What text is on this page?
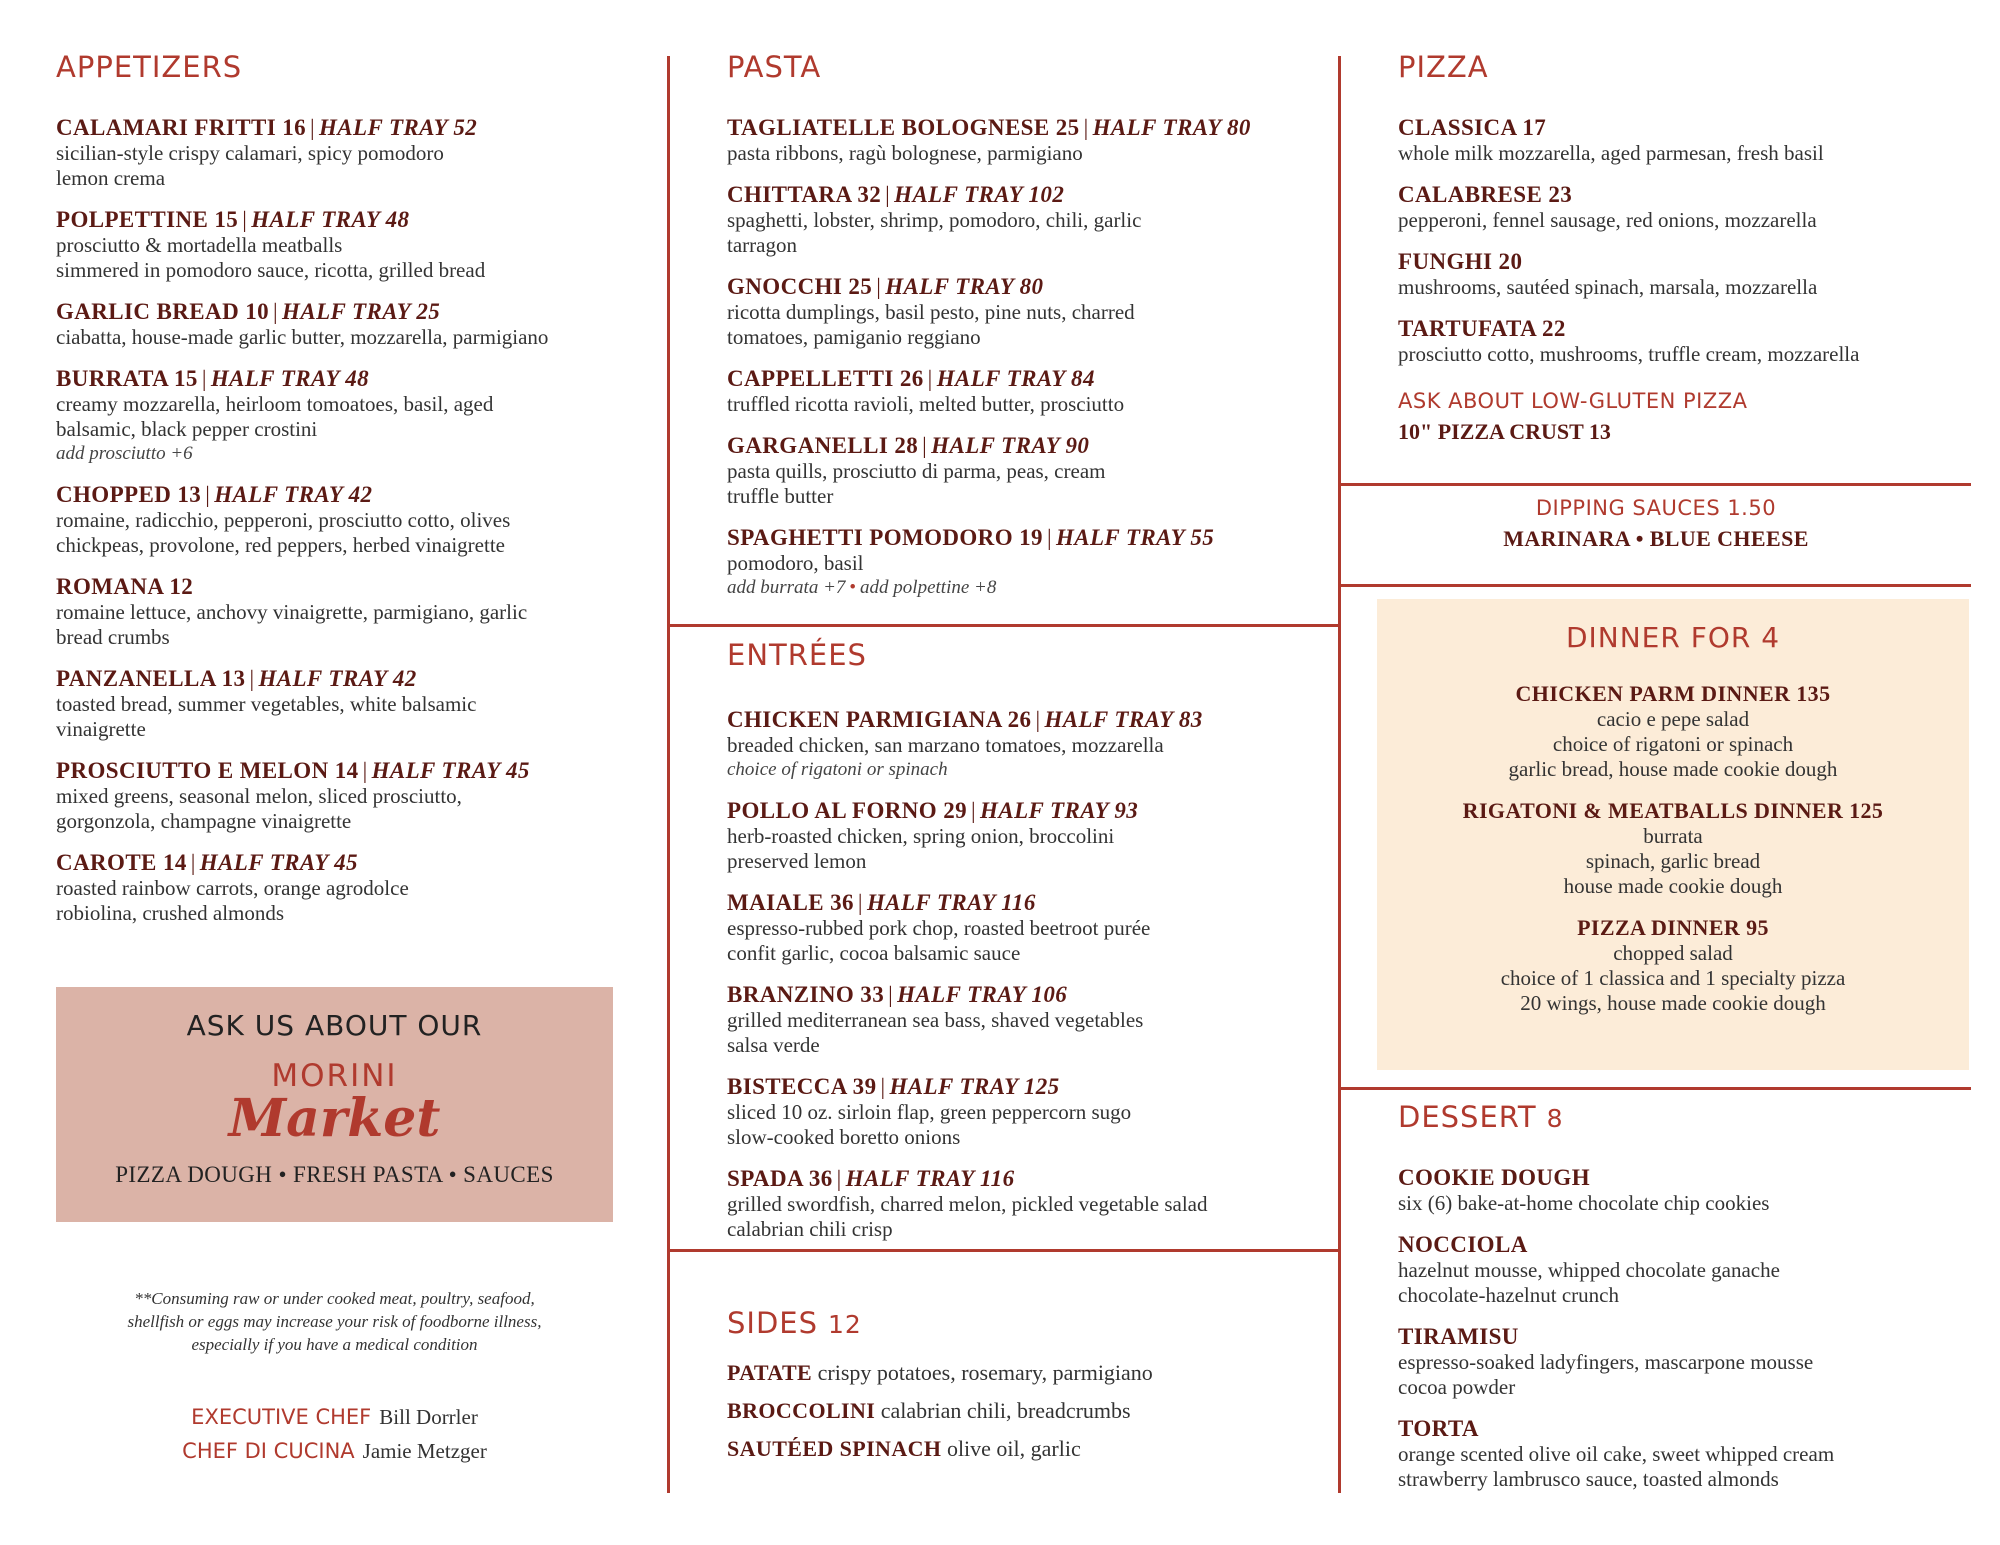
APPETIZERS
CALAMARI FRITTI 16 | HALF TRAY 52
sicilian-style crispy calamari, spicy pomodoro
lemon crema
POLPETTINE 15 | HALF TRAY 48
prosciutto & mortadella meatballs
simmered in pomodoro sauce, ricotta, grilled bread
GARLIC BREAD 10 | HALF TRAY 25
ciabatta, house-made garlic butter, mozzarella, parmigiano
BURRATA 15 | HALF TRAY 48
creamy mozzarella, heirloom tomoatoes, basil, aged
balsamic, black pepper crostini
add prosciutto +6
CHOPPED 13 | HALF TRAY 42
romaine, radicchio, pepperoni, prosciutto cotto, olives
chickpeas, provolone, red peppers, herbed vinaigrette
ROMANA 12
romaine lettuce, anchovy vinaigrette, parmigiano, garlic
bread crumbs
PANZANELLA 13 | HALF TRAY 42
toasted bread, summer vegetables, white balsamic
vinaigrette
PROSCIUTTO E MELON 14 | HALF TRAY 45
mixed greens, seasonal melon, sliced prosciutto,
gorgonzola, champagne vinaigrette
CAROTE 14 | HALF TRAY 45
roasted rainbow carrots, orange agrodolce
robiolina, crushed almonds
ASK US ABOUT OUR
MORINI
Market
PIZZA DOUGH • FRESH PASTA • SAUCES
**Consuming raw or under cooked meat, poultry, seafood,
shellfish or eggs may increase your risk of foodborne illness,
especially if you have a medical condition
EXECUTIVE CHEF Bill Dorrler
CHEF DI CUCINA Jamie Metzger
PASTA
TAGLIATELLE BOLOGNESE 25 | HALF TRAY 80
pasta ribbons, ragù bolognese, parmigiano
CHITTARA 32 | HALF TRAY 102
spaghetti, lobster, shrimp, pomodoro, chili, garlic
tarragon
GNOCCHI 25 | HALF TRAY 80
ricotta dumplings, basil pesto, pine nuts, charred
tomatoes, pamiganio reggiano
CAPPELLETTI 26 | HALF TRAY 84
truffled ricotta ravioli, melted butter, prosciutto
GARGANELLI 28 | HALF TRAY 90
pasta quills, prosciutto di parma, peas, cream
truffle butter
SPAGHETTI POMODORO 19 | HALF TRAY 55
pomodoro, basil
add burrata +7 • add polpettine +8
ENTRÉES
CHICKEN PARMIGIANA 26 | HALF TRAY 83
breaded chicken, san marzano tomatoes, mozzarella
choice of rigatoni or spinach
POLLO AL FORNO 29 | HALF TRAY 93
herb-roasted chicken, spring onion, broccolini
preserved lemon
MAIALE 36 | HALF TRAY 116
espresso-rubbed pork chop, roasted beetroot purée
confit garlic, cocoa balsamic sauce
BRANZINO 33 | HALF TRAY 106
grilled mediterranean sea bass, shaved vegetables
salsa verde
BISTECCA 39 | HALF TRAY 125
sliced 10 oz. sirloin flap, green peppercorn sugo
slow-cooked boretto onions
SPADA 36 | HALF TRAY 116
grilled swordfish, charred melon, pickled vegetable salad
calabrian chili crisp
SIDES 12
PATATE crispy potatoes, rosemary, parmigiano
BROCCOLINI calabrian chili, breadcrumbs
SAUTÉED SPINACH olive oil, garlic
PIZZA
CLASSICA 17
whole milk mozzarella, aged parmesan, fresh basil
CALABRESE 23
pepperoni, fennel sausage, red onions, mozzarella
FUNGHI 20
mushrooms, sautéed spinach, marsala, mozzarella
TARTUFATA 22
prosciutto cotto, mushrooms, truffle cream, mozzarella
ASK ABOUT LOW-GLUTEN PIZZA
10" PIZZA CRUST 13
DIPPING SAUCES 1.50
MARINARA • BLUE CHEESE
DINNER FOR 4
CHICKEN PARM DINNER 135
cacio e pepe salad
choice of rigatoni or spinach
garlic bread, house made cookie dough
RIGATONI & MEATBALLS DINNER 125
burrata
spinach, garlic bread
house made cookie dough
PIZZA DINNER 95
chopped salad
choice of 1 classica and 1 specialty pizza
20 wings, house made cookie dough
DESSERT 8
COOKIE DOUGH
six (6) bake-at-home chocolate chip cookies
NOCCIOLA
hazelnut mousse, whipped chocolate ganache
chocolate-hazelnut crunch
TIRAMISU
espresso-soaked ladyfingers, mascarpone mousse
cocoa powder
TORTA
orange scented olive oil cake, sweet whipped cream
strawberry lambrusco sauce, toasted almonds
